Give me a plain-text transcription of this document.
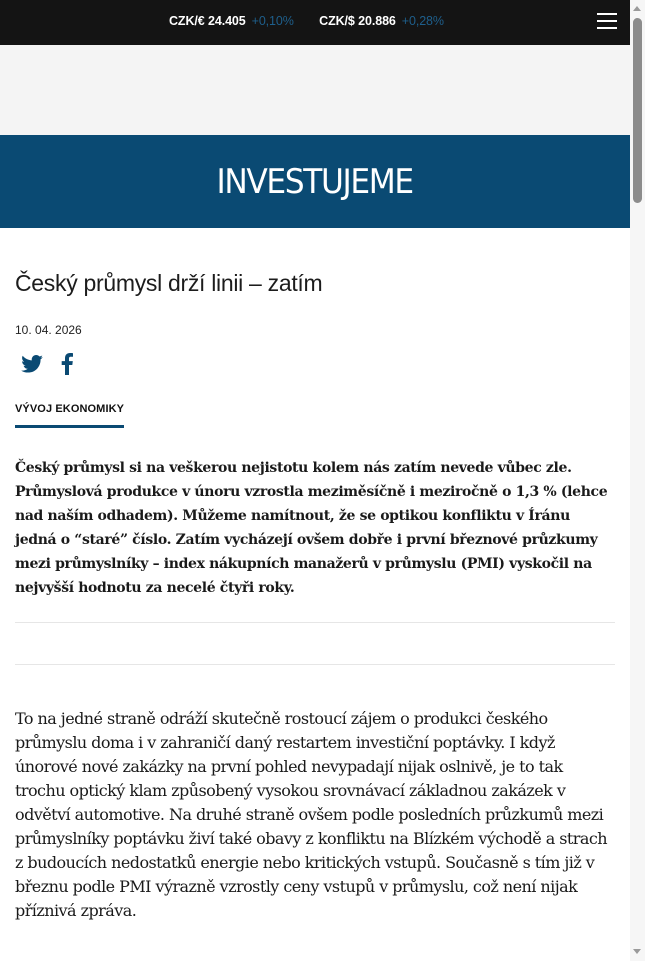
CZK/€ 24.405 +0,10% CZK/$ 20.886 +0,28%
INVESTUJEME
Český průmysl drží linii – zatím
10. 04. 2026
VÝVOJ EKONOMIKY
Český průmysl si na veškerou nejistotu kolem nás zatím nevede vůbec zle. Průmyslová produkce v únoru vzrostla meziměsíčně i meziročně o 1,3 % (lehce nad naším odhadem). Můžeme namítnout, že se optikou konfliktu v Íránu jedná o “staré” číslo. Zatím vycházejí ovšem dobře i první březnové průzkumy mezi průmyslníky – index nákupních manažerů v průmyslu (PMI) vyskočil na nejvyšší hodnotu za necelé čtyři roky.
To na jedné straně odráží skutečně rostoucí zájem o produkci českého průmyslu doma i v zahraničí daný restartem investiční poptávky. I když únorové nové zakázky na první pohled nevypadají nijak oslnivě, je to tak trochu optický klam způsobený vysokou srovnávací základnou zakázek v odvětví automotive. Na druhé straně ovšem podle posledních průzkumů mezi průmyslníky poptávku živí také obavy z konfliktu na Blízkém východě a strach z budoucích nedostatků energie nebo kritických vstupů. Současně s tím již v březnu podle PMI výrazně vzrostly ceny vstupů v průmyslu, což není nijak příznivá zpráva.
